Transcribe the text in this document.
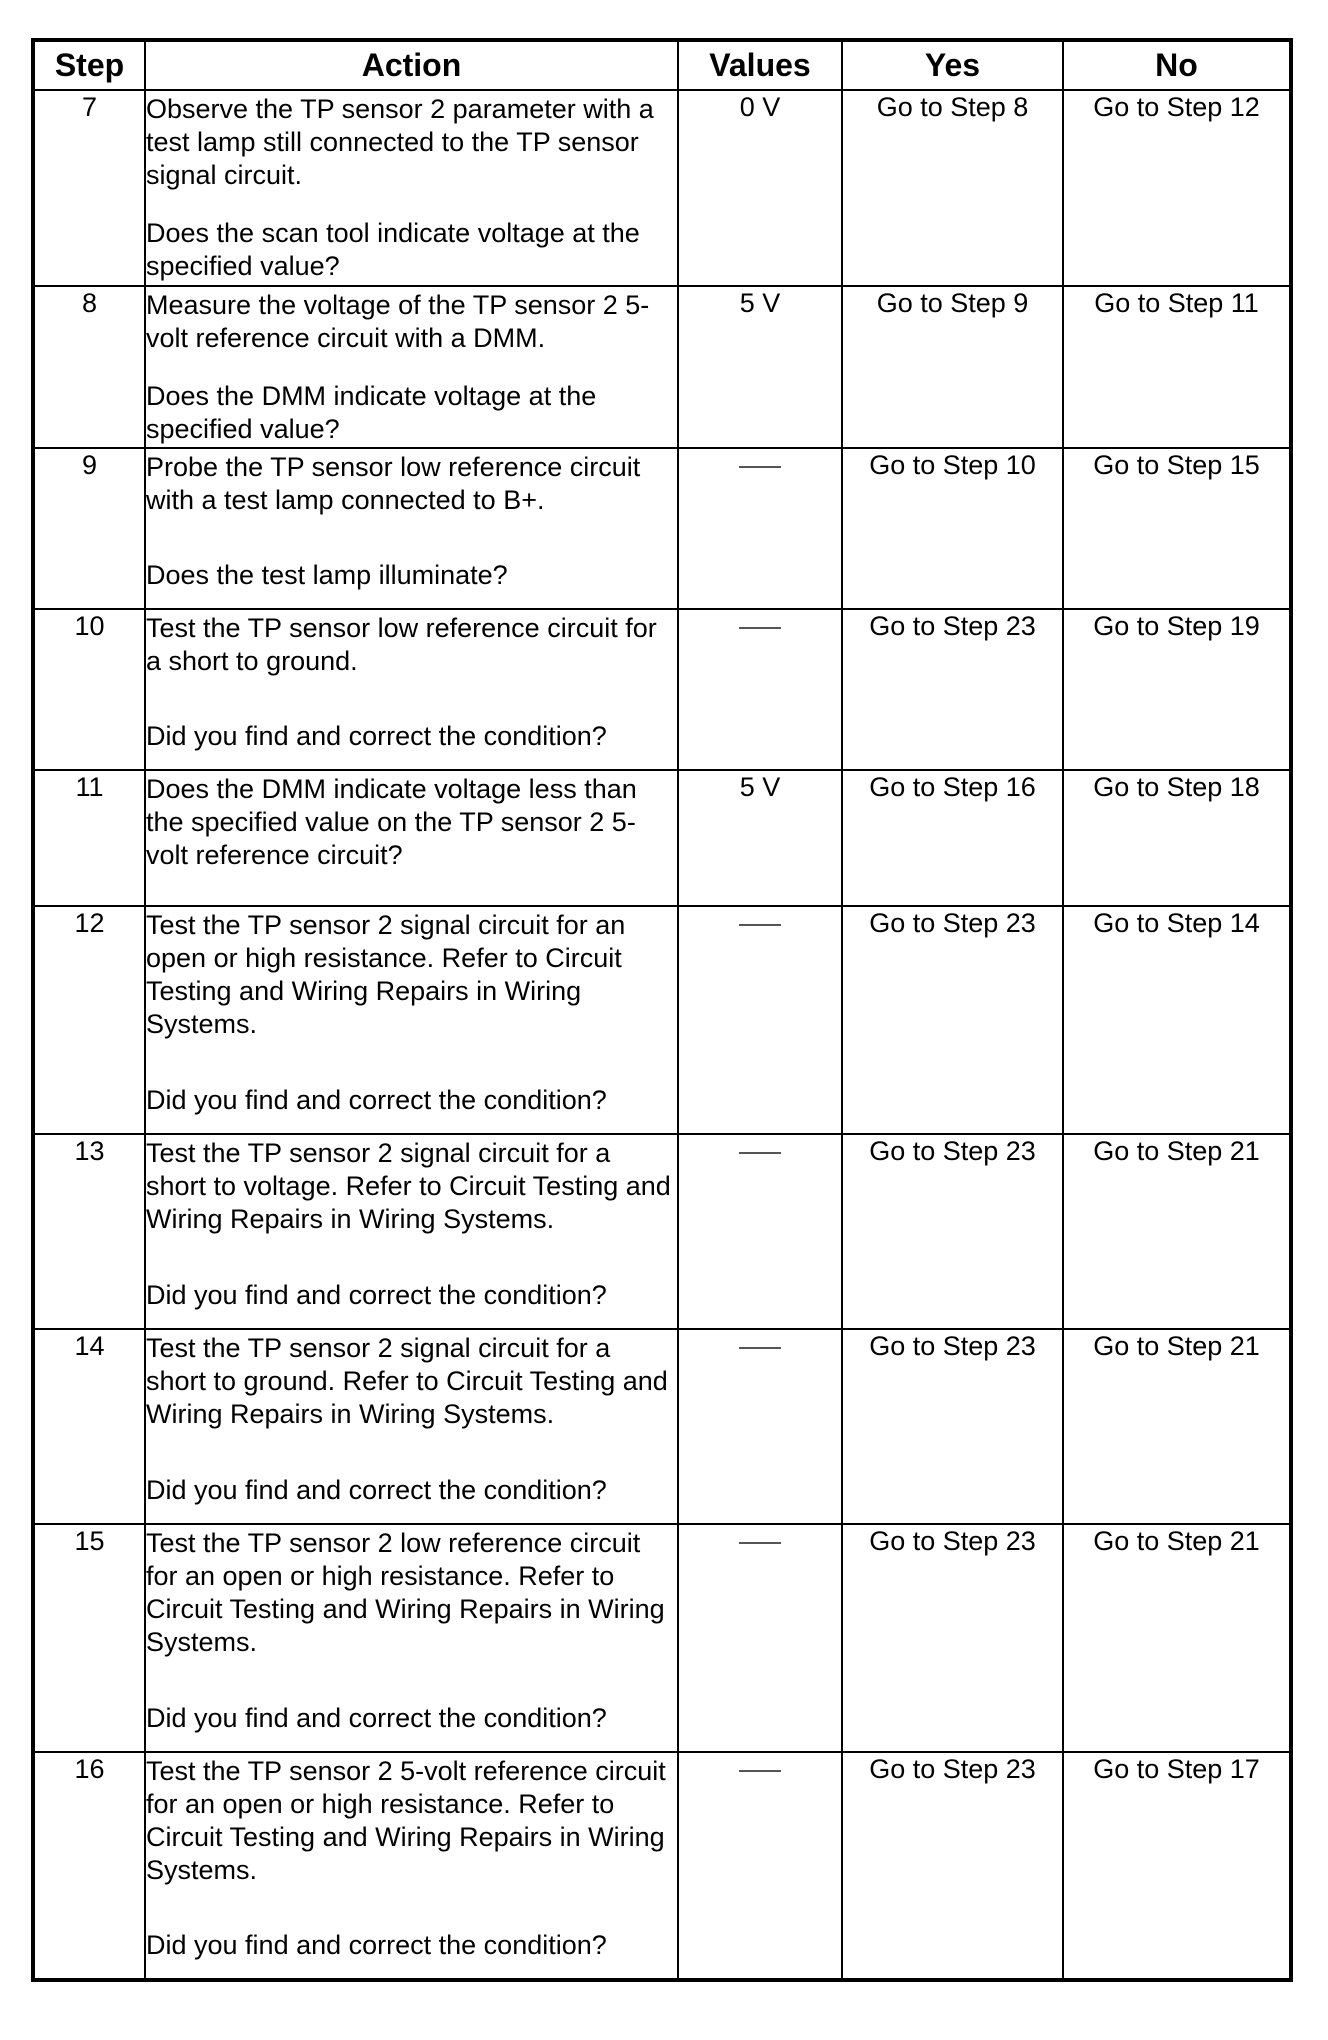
Step	Action	Values	Yes	No
7	Observe the TP sensor 2 parameter with a test lamp still connected to the TP sensor signal circuit.
Does the scan tool indicate voltage at the specified value?	0 V	Go to Step 8	Go to Step 12
8	Measure the voltage of the TP sensor 2 5-volt reference circuit with a DMM.
Does the DMM indicate voltage at the specified value?	5 V	Go to Step 9	Go to Step 11
9	Probe the TP sensor low reference circuit with a test lamp connected to B+.
Does the test lamp illuminate?		Go to Step 10	Go to Step 15
10	Test the TP sensor low reference circuit for a short to ground.
Did you find and correct the condition?		Go to Step 23	Go to Step 19
11	Does the DMM indicate voltage less than the specified value on the TP sensor 2 5-volt reference circuit?	5 V	Go to Step 16	Go to Step 18
12	Test the TP sensor 2 signal circuit for an open or high resistance. Refer to Circuit Testing and Wiring Repairs in Wiring Systems.
Did you find and correct the condition?		Go to Step 23	Go to Step 14
13	Test the TP sensor 2 signal circuit for a short to voltage. Refer to Circuit Testing and Wiring Repairs in Wiring Systems.
Did you find and correct the condition?		Go to Step 23	Go to Step 21
14	Test the TP sensor 2 signal circuit for a short to ground. Refer to Circuit Testing and Wiring Repairs in Wiring Systems.
Did you find and correct the condition?		Go to Step 23	Go to Step 21
15	Test the TP sensor 2 low reference circuit for an open or high resistance. Refer to Circuit Testing and Wiring Repairs in Wiring Systems.
Did you find and correct the condition?		Go to Step 23	Go to Step 21
16	Test the TP sensor 2 5-volt reference circuit for an open or high resistance. Refer to Circuit Testing and Wiring Repairs in Wiring Systems.
Did you find and correct the condition?		Go to Step 23	Go to Step 17
